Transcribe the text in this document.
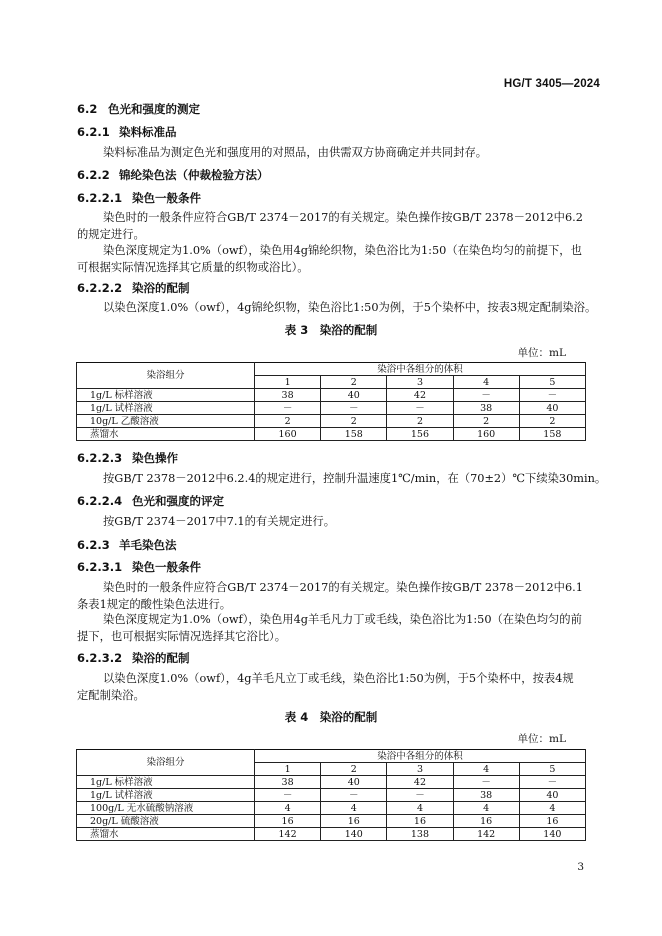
HG/T 3405—2024
6.2 色光和强度的测定
6.2.1 染料标准品
染料标准品为测定色光和强度用的对照品，由供需双方协商确定并共同封存。
6.2.2 锦纶染色法（仲裁检验方法）
6.2.2.1 染色一般条件
染色时的一般条件应符合GB/T 2374－2017的有关规定。染色操作按GB/T 2378－2012中6.2的规定进行。
染色深度规定为1.0%（owf），染色用4g锦纶织物，染色浴比为1:50（在染色均匀的前提下，也可根据实际情况选择其它质量的织物或浴比）。
6.2.2.2 染浴的配制
以染色深度1.0%（owf），4g锦纶织物，染色浴比1:50为例，于5个染杯中，按表3规定配制染浴。
表 3　染浴的配制
单位：mL
染浴组分	染浴中各组分的体积				
	1	2	3	4	5
1g/L 标样溶液	38	40	42	－	－
1g/L 试样溶液	－	－	－	38	40
10g/L 乙酸溶液	2	2	2	2	2
蒸馏水	160	158	156	160	158
6.2.2.3 染色操作
按GB/T 2378－2012中6.2.4的规定进行，控制升温速度1℃/min，在（70±2）℃下续染30min。
6.2.2.4 色光和强度的评定
按GB/T 2374－2017中7.1的有关规定进行。
6.2.3 羊毛染色法
6.2.3.1 染色一般条件
染色时的一般条件应符合GB/T 2374－2017的有关规定。染色操作按GB/T 2378－2012中6.1条表1规定的酸性染色法进行。
染色深度规定为1.0%（owf），染色用4g羊毛凡力丁或毛线，染色浴比为1:50（在染色均匀的前提下，也可根据实际情况选择其它浴比）。
6.2.3.2 染浴的配制
以染色深度1.0%（owf），4g羊毛凡立丁或毛线，染色浴比1:50为例，于5个染杯中，按表4规定配制染浴。
表 4　染浴的配制
单位：mL
染浴组分	染浴中各组分的体积				
	1	2	3	4	5
1g/L 标样溶液	38	40	42	－	－
1g/L 试样溶液	－	－	－	38	40
100g/L 无水硫酸钠溶液	4	4	4	4	4
20g/L 硫酸溶液	16	16	16	16	16
蒸馏水	142	140	138	142	140
3
